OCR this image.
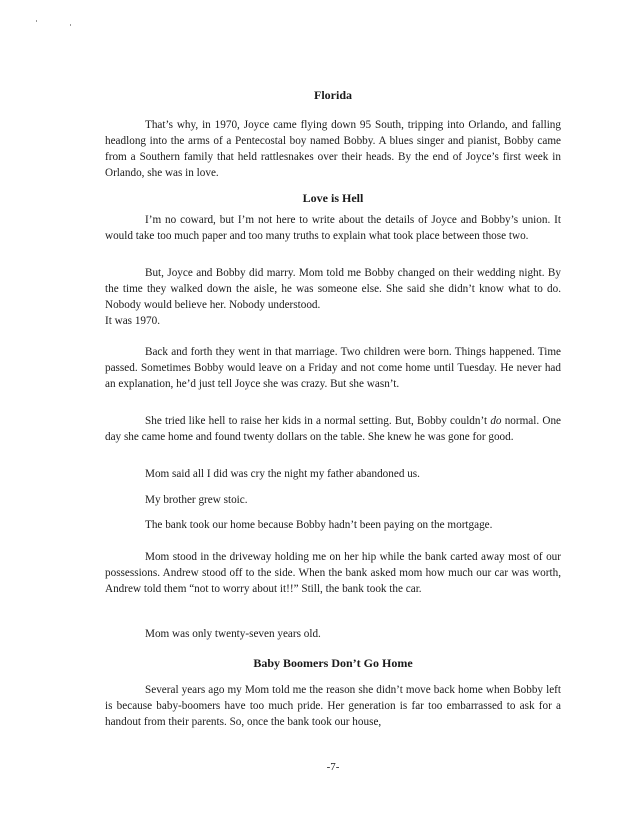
Florida

That’s why, in 1970, Joyce came flying down 95 South, tripping into Orlando, and falling headlong into the arms of a Pentecostal boy named Bobby. A blues singer and pianist, Bobby came from a Southern family that held rattlesnakes over their heads. By the end of Joyce’s first week in Orlando, she was in love.

Love is Hell

I’m no coward, but I’m not here to write about the details of Joyce and Bobby’s union. It would take too much paper and too many truths to explain what took place between those two.

But, Joyce and Bobby did marry. Mom told me Bobby changed on their wedding night. By the time they walked down the aisle, he was someone else. She said she didn’t know what to do. Nobody would believe her. Nobody understood.

It was 1970.

Back and forth they went in that marriage. Two children were born. Things happened. Time passed. Sometimes Bobby would leave on a Friday and not come home until Tuesday. He never had an explanation, he’d just tell Joyce she was crazy. But she wasn’t.

She tried like hell to raise her kids in a normal setting. But, Bobby couldn’t do normal. One day she came home and found twenty dollars on the table. She knew he was gone for good.

Mom said all I did was cry the night my father abandoned us.

My brother grew stoic.

The bank took our home because Bobby hadn’t been paying on the mortgage.

Mom stood in the driveway holding me on her hip while the bank carted away most of our possessions. Andrew stood off to the side. When the bank asked mom how much our car was worth, Andrew told them “not to worry about it!!” Still, the bank took the car.

Mom was only twenty-seven years old.

Baby Boomers Don’t Go Home

Several years ago my Mom told me the reason she didn’t move back home when Bobby left is because baby-boomers have too much pride. Her generation is far too embarrassed to ask for a handout from their parents. So, once the bank took our house,

-7-
